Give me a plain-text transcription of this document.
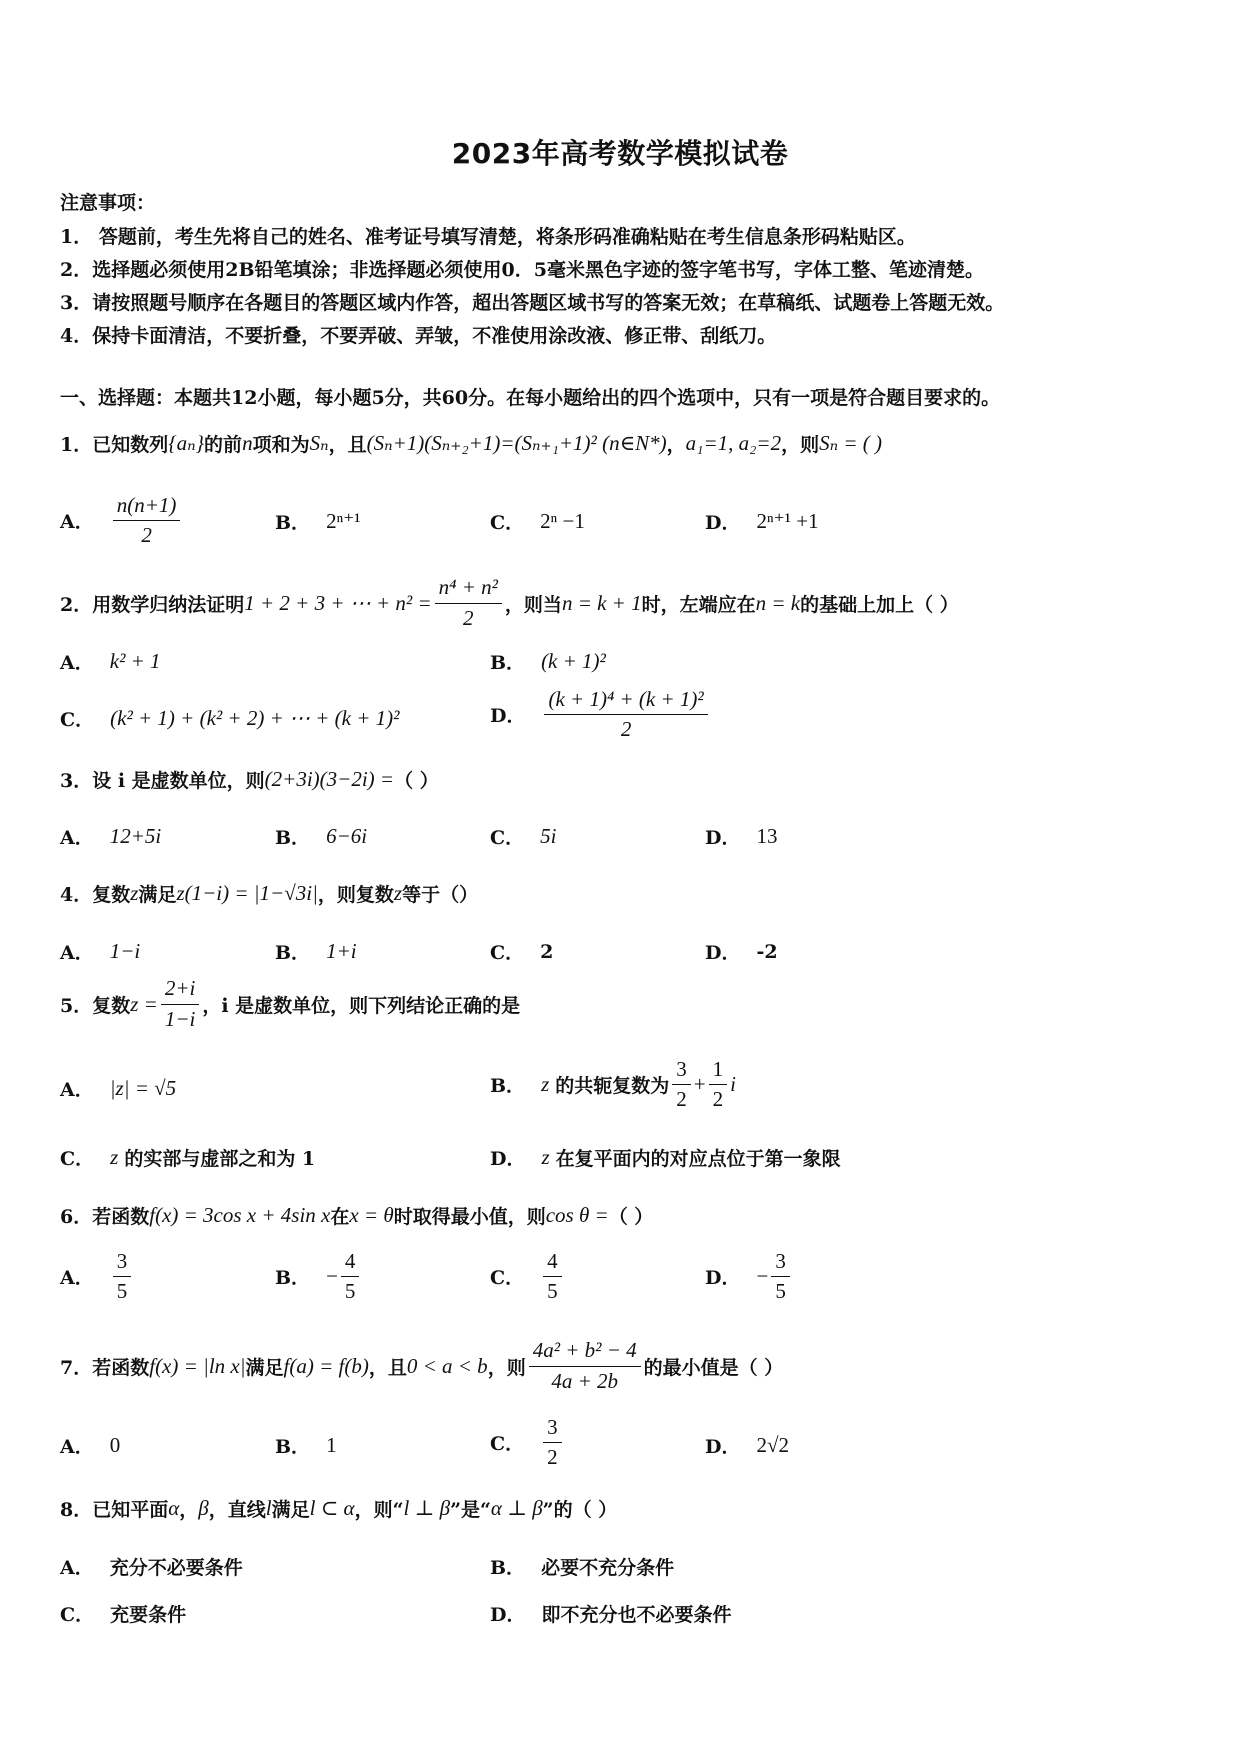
2023年高考数学模拟试卷
注意事项：
1． 答题前，考生先将自己的姓名、准考证号填写清楚，将条形码准确粘贴在考生信息条形码粘贴区。
2．选择题必须使用2B铅笔填涂；非选择题必须使用0．5毫米黑色字迹的签字笔书写，字体工整、笔迹清楚。
3．请按照题号顺序在各题目的答题区域内作答，超出答题区域书写的答案无效；在草稿纸、试题卷上答题无效。
4．保持卡面清洁，不要折叠，不要弄破、弄皱，不准使用涂改液、修正带、刮纸刀。
一、选择题：本题共12小题，每小题5分，共60分。在每小题给出的四个选项中，只有一项是符合题目要求的。
1．已知数列 {aₙ} 的前 n 项和为 Sₙ ，且 (Sₙ+1)(Sₙ₊₂+1)=(Sₙ₊₁+1)² (n∈N*) ， a₁=1, a₂=2 ，则 Sₙ = ( )
A． $\frac{n(n+1)}{2}$	B． 2ⁿ⁺¹	C． 2ⁿ −1	D． 2ⁿ⁺¹ +1
2．用数学归纳法证明 1 + 2 + 3 + ⋯ + $n^2 = \frac{\text{n⁴ + n²}}{2}$ ，则当 n = k + 1 时，左端应在 n = k 的基础上加上（ ）
A． k² + 1	B． (k + 1)²
C． (k² + 1) + (k² + 2) + ⋯ + (k + 1)²	D． $\frac{\text{(k + 1)⁴ + (k + 1)²}}{2}$
3．设 i 是虚数单位，则 (2+3i)(3−2i) = （ ）
A． 12+5i	B． 6−6i	C． 5i	D． 13
4．复数 z 满足 z(1−i) = |1−√3i| ，则复数 z 等于（）
A． 1−i	B． 1+i	C． 2	D． -2
5．复数 $z = \frac{2+i}{1-i}$ ，i 是虚数单位，则下列结论正确的是
A． |z| = √5	B． z 的共轭复数为 $\frac{3}{2} + \frac{1}{2}$ i
C． z 的实部与虚部之和为 1	D． z 在复平面内的对应点位于第一象限
6．若函数 f(x) = 3cos x + 4sin x 在 x = θ 时取得最小值，则 cos θ = （ ）
A． $\frac{3}{5}$	B． − $\frac{4}{5}$	C． $\frac{4}{5}$	D． − $\frac{3}{5}$
7．若函数 f(x) = |ln x| 满足 f(a) = f(b) ，且 0 < a < b ，则 $\frac{\text{4a² + b² − 4}}{4a + 2b}$ 的最小值是（ ）
A． 0	B． 1	C． $\frac{3}{2}$	D． 2√2
8．已知平面 α ， β ，直线 l 满足 l ⊂ α ，则“ l ⊥ β ”是“ α ⊥ β ”的（ ）
A． 充分不必要条件	B． 必要不充分条件
C． 充要条件	D． 即不充分也不必要条件
